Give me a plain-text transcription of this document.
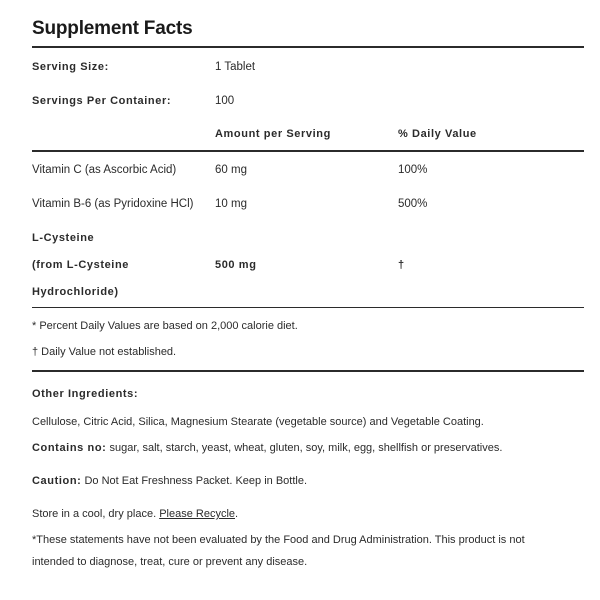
Supplement Facts
Serving Size:	1 Tablet
Servings Per Container:	100
Amount per Serving	% Daily Value
Vitamin C (as Ascorbic Acid)	60 mg	100%
Vitamin B-6 (as Pyridoxine HCl) 10 mg	500%
L-Cysteine
(from L-Cysteine
Hydrochloride)
500 mg	†
* Percent Daily Values are based on 2,000 calorie diet.
† Daily Value not established.
Other Ingredients:
Cellulose, Citric Acid, Silica, Magnesium Stearate (vegetable source) and Vegetable Coating.
Contains no: sugar, salt, starch, yeast, wheat, gluten, soy, milk, egg, shellfish or preservatives.
Caution: Do Not Eat Freshness Packet. Keep in Bottle.
Store in a cool, dry place. Please Recycle.
*These statements have not been evaluated by the Food and Drug Administration. This product is not
intended to diagnose, treat, cure or prevent any disease.
